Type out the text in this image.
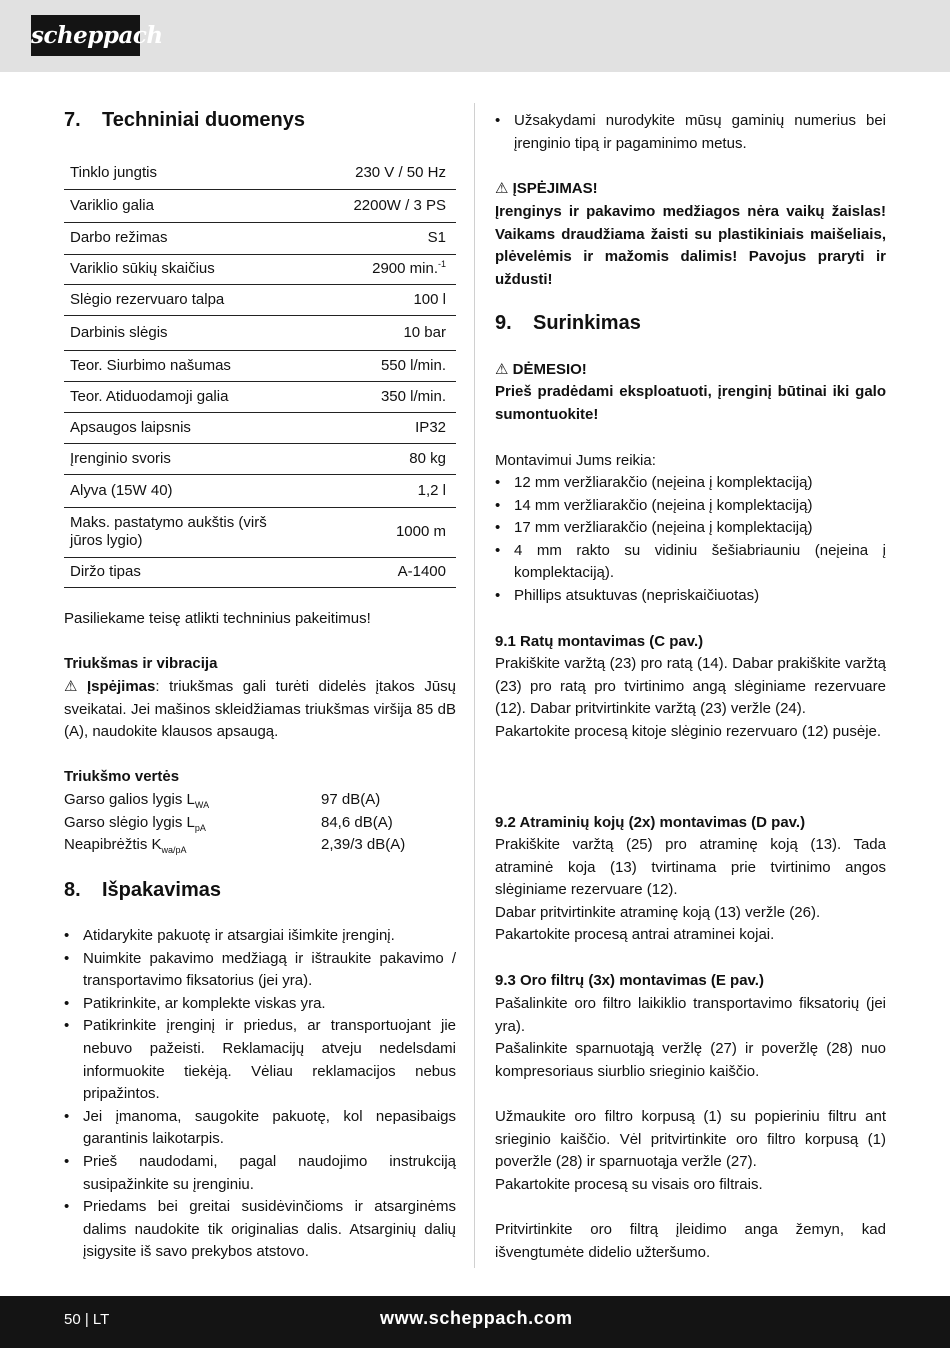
scheppach
7. Techniniai duomenys
Tinklo jungtis	230 V / 50 Hz
Variklio galia	2200W / 3 PS
Darbo režimas	S1
Variklio sūkių skaičius	2900 min.$^{-1}$
Slėgio rezervuaro talpa	100 l
Darbinis slėgis	10 bar
Teor. Siurbimo našumas	550 l/min.
Teor. Atiduodamoji galia	350 l/min.
Apsaugos laipsnis	IP32
Įrenginio svoris	80 kg
Alyva (15W 40)	1,2 l
Maks. pastatymo aukštis (virš jūros lygio)	1000 m
Diržo tipas	A-1400
Pasiliekame teisę atlikti techninius pakeitimus!
Triukšmas ir vibracija
⚠ Įspėjimas: triukšmas gali turėti didelės įtakos Jūsų sveikatai. Jei mašinos skleidžiamas triukšmas viršija 85 dB (A), naudokite klausos apsaugą.
Triukšmo vertės
Garso galios lygis $L_{WA}$	97 dB(A)
Garso slėgio lygis $L_{pA}$	84,6 dB(A)
Neapibrėžtis $K_{wa/pA}$	2,39/3 dB(A)
8. Išpakavimas
• Atidarykite pakuotę ir atsargiai išimkite įrenginį.
• Nuimkite pakavimo medžiagą ir ištraukite pakavimo / transportavimo fiksatorius (jei yra).
• Patikrinkite, ar komplekte viskas yra.
• Patikrinkite įrenginį ir priedus, ar transportuojant jie nebuvo pažeisti. Reklamacijų atveju nedelsdami informuokite tiekėją. Vėliau reklamacijos nebus pripažintos.
• Jei įmanoma, saugokite pakuotę, kol nepasibaigs garantinis laikotarpis.
• Prieš naudodami, pagal naudojimo instrukciją susipažinkite su įrenginiu.
• Priedams bei greitai susidėvinčioms ir atsarginėms dalims naudokite tik originalias dalis. Atsarginių dalių įsigysite iš savo prekybos atstovo.
• Užsakydami nurodykite mūsų gaminių numerius bei įrenginio tipą ir pagaminimo metus.
⚠ ĮSPĖJIMAS!
Įrenginys ir pakavimo medžiagos nėra vaikų žaislas! Vaikams draudžiama žaisti su plastikiniais maišeliais, plėvelėmis ir mažomis dalimis! Pavojus praryti ir uždusti!
9. Surinkimas
⚠ DĖMESIO!
Prieš pradėdami eksploatuoti, įrenginį būtinai iki galo sumontuokite!
Montavimui Jums reikia:
• 12 mm veržliarakčio (neįeina į komplektaciją)
• 14 mm veržliarakčio (neįeina į komplektaciją)
• 17 mm veržliarakčio (neįeina į komplektaciją)
• 4 mm rakto su vidiniu šešiabriauniu (neįeina į komplektaciją).
• Phillips atsuktuvas (nepriskaičiuotas)
9.1 Ratų montavimas (C pav.)
Prakiškite varžtą (23) pro ratą (14). Dabar prakiškite varžtą (23) pro ratą pro tvirtinimo angą slėginiame rezervuare (12). Dabar pritvirtinkite varžtą (23) veržle (24).
Pakartokite procesą kitoje slėginio rezervuaro (12) pusėje.
9.2 Atraminių kojų (2x) montavimas (D pav.)
Prakiškite varžtą (25) pro atraminę koją (13). Tada atraminė koja (13) tvirtinama prie tvirtinimo angos slėginiame rezervuare (12).
Dabar pritvirtinkite atraminę koją (13) veržle (26).
Pakartokite procesą antrai atraminei kojai.
9.3 Oro filtrų (3x) montavimas (E pav.)
Pašalinkite oro filtro laikiklio transportavimo fiksatorių (jei yra).
Pašalinkite sparnuotąją veržlę (27) ir poveržlę (28) nuo kompresoriaus siurblio srieginio kaiščio.
Užmaukite oro filtro korpusą (1) su popieriniu filtru ant srieginio kaiščio. Vėl pritvirtinkite oro filtro korpusą (1) poveržle (28) ir sparnuotąja veržle (27).
Pakartokite procesą su visais oro filtrais.
Pritvirtinkite oro filtrą įleidimo anga žemyn, kad išvengtumėte didelio užteršumo.
50 | LT	www.scheppach.com
